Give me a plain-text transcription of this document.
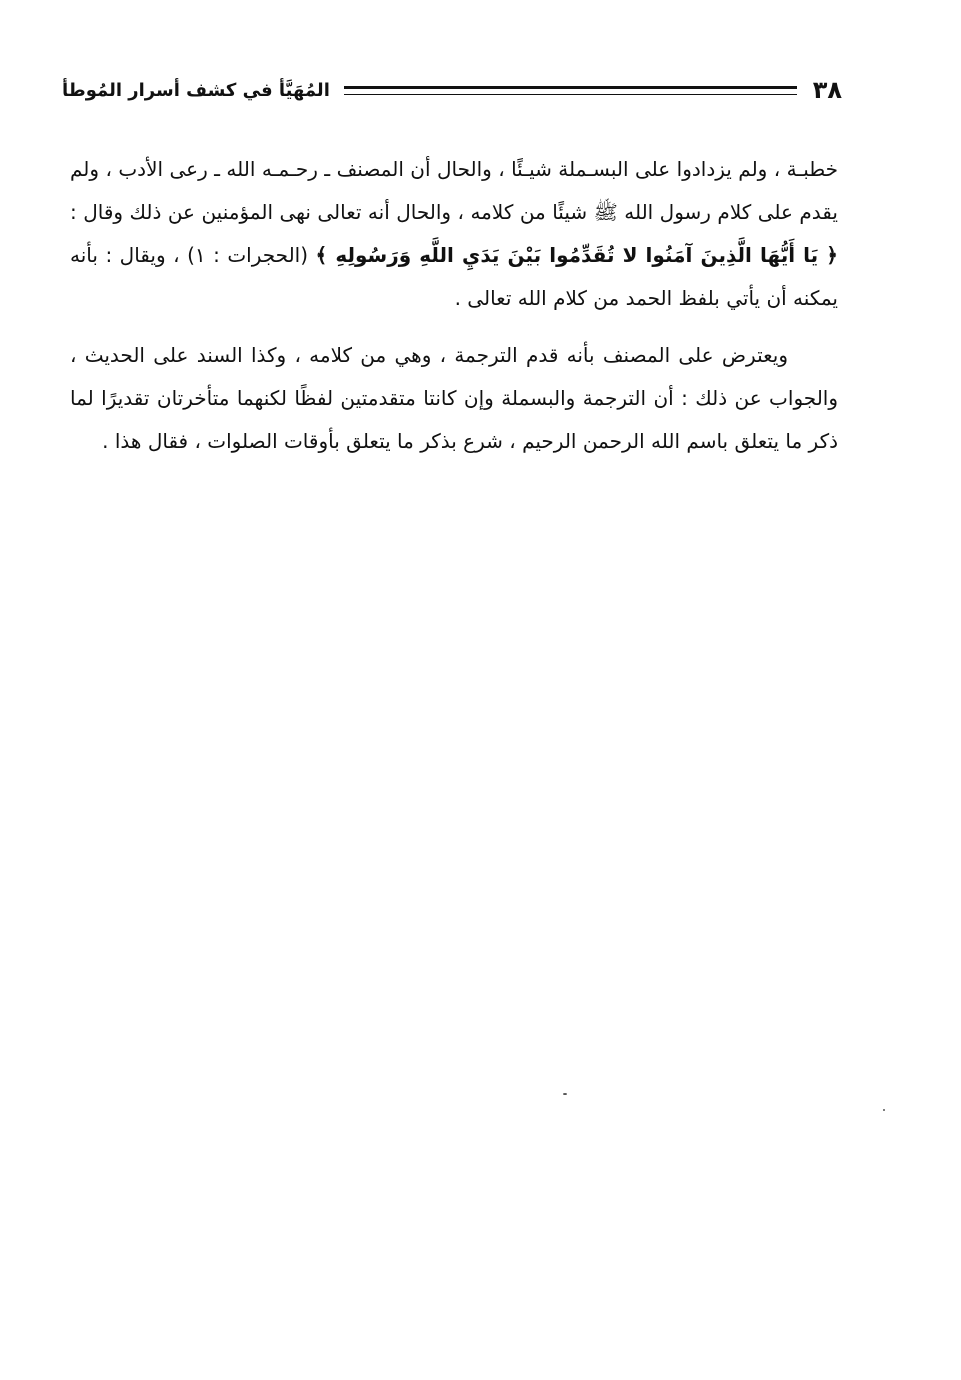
٣٨
المُهَيَّأ في كشف أسرار المُوطأ

خطبـة ، ولم يزدادوا على البسـملة شيـئًا ، والحال أن المصنف ـ رحـمـه الله ـ رعى الأدب ، ولم يقدم على كلام رسول الله ﷺ شيئًا من كلامه ، والحال أنه تعالى نهى المؤمنين عن ذلك وقال : ﴿ يَا أَيُّهَا الَّذِينَ آمَنُوا لا تُقَدِّمُوا بَيْنَ يَدَيِ اللَّهِ وَرَسُولِهِ ﴾ (الحجرات : ١) ، ويقال : بأنه يمكنه أن يأتي بلفظ الحمد من كلام الله تعالى .

ويعترض على المصنف بأنه قدم الترجمة ، وهي من كلامه ، وكذا السند على الحديث ، والجواب عن ذلك : أن الترجمة والبسملة وإن كانتا متقدمتين لفظًا لكنهما متأخرتان تقديرًا لما ذكر ما يتعلق باسم الله الرحمن الرحيم ، شرع بذكر ما يتعلق بأوقات الصلوات ، فقال هذا .
